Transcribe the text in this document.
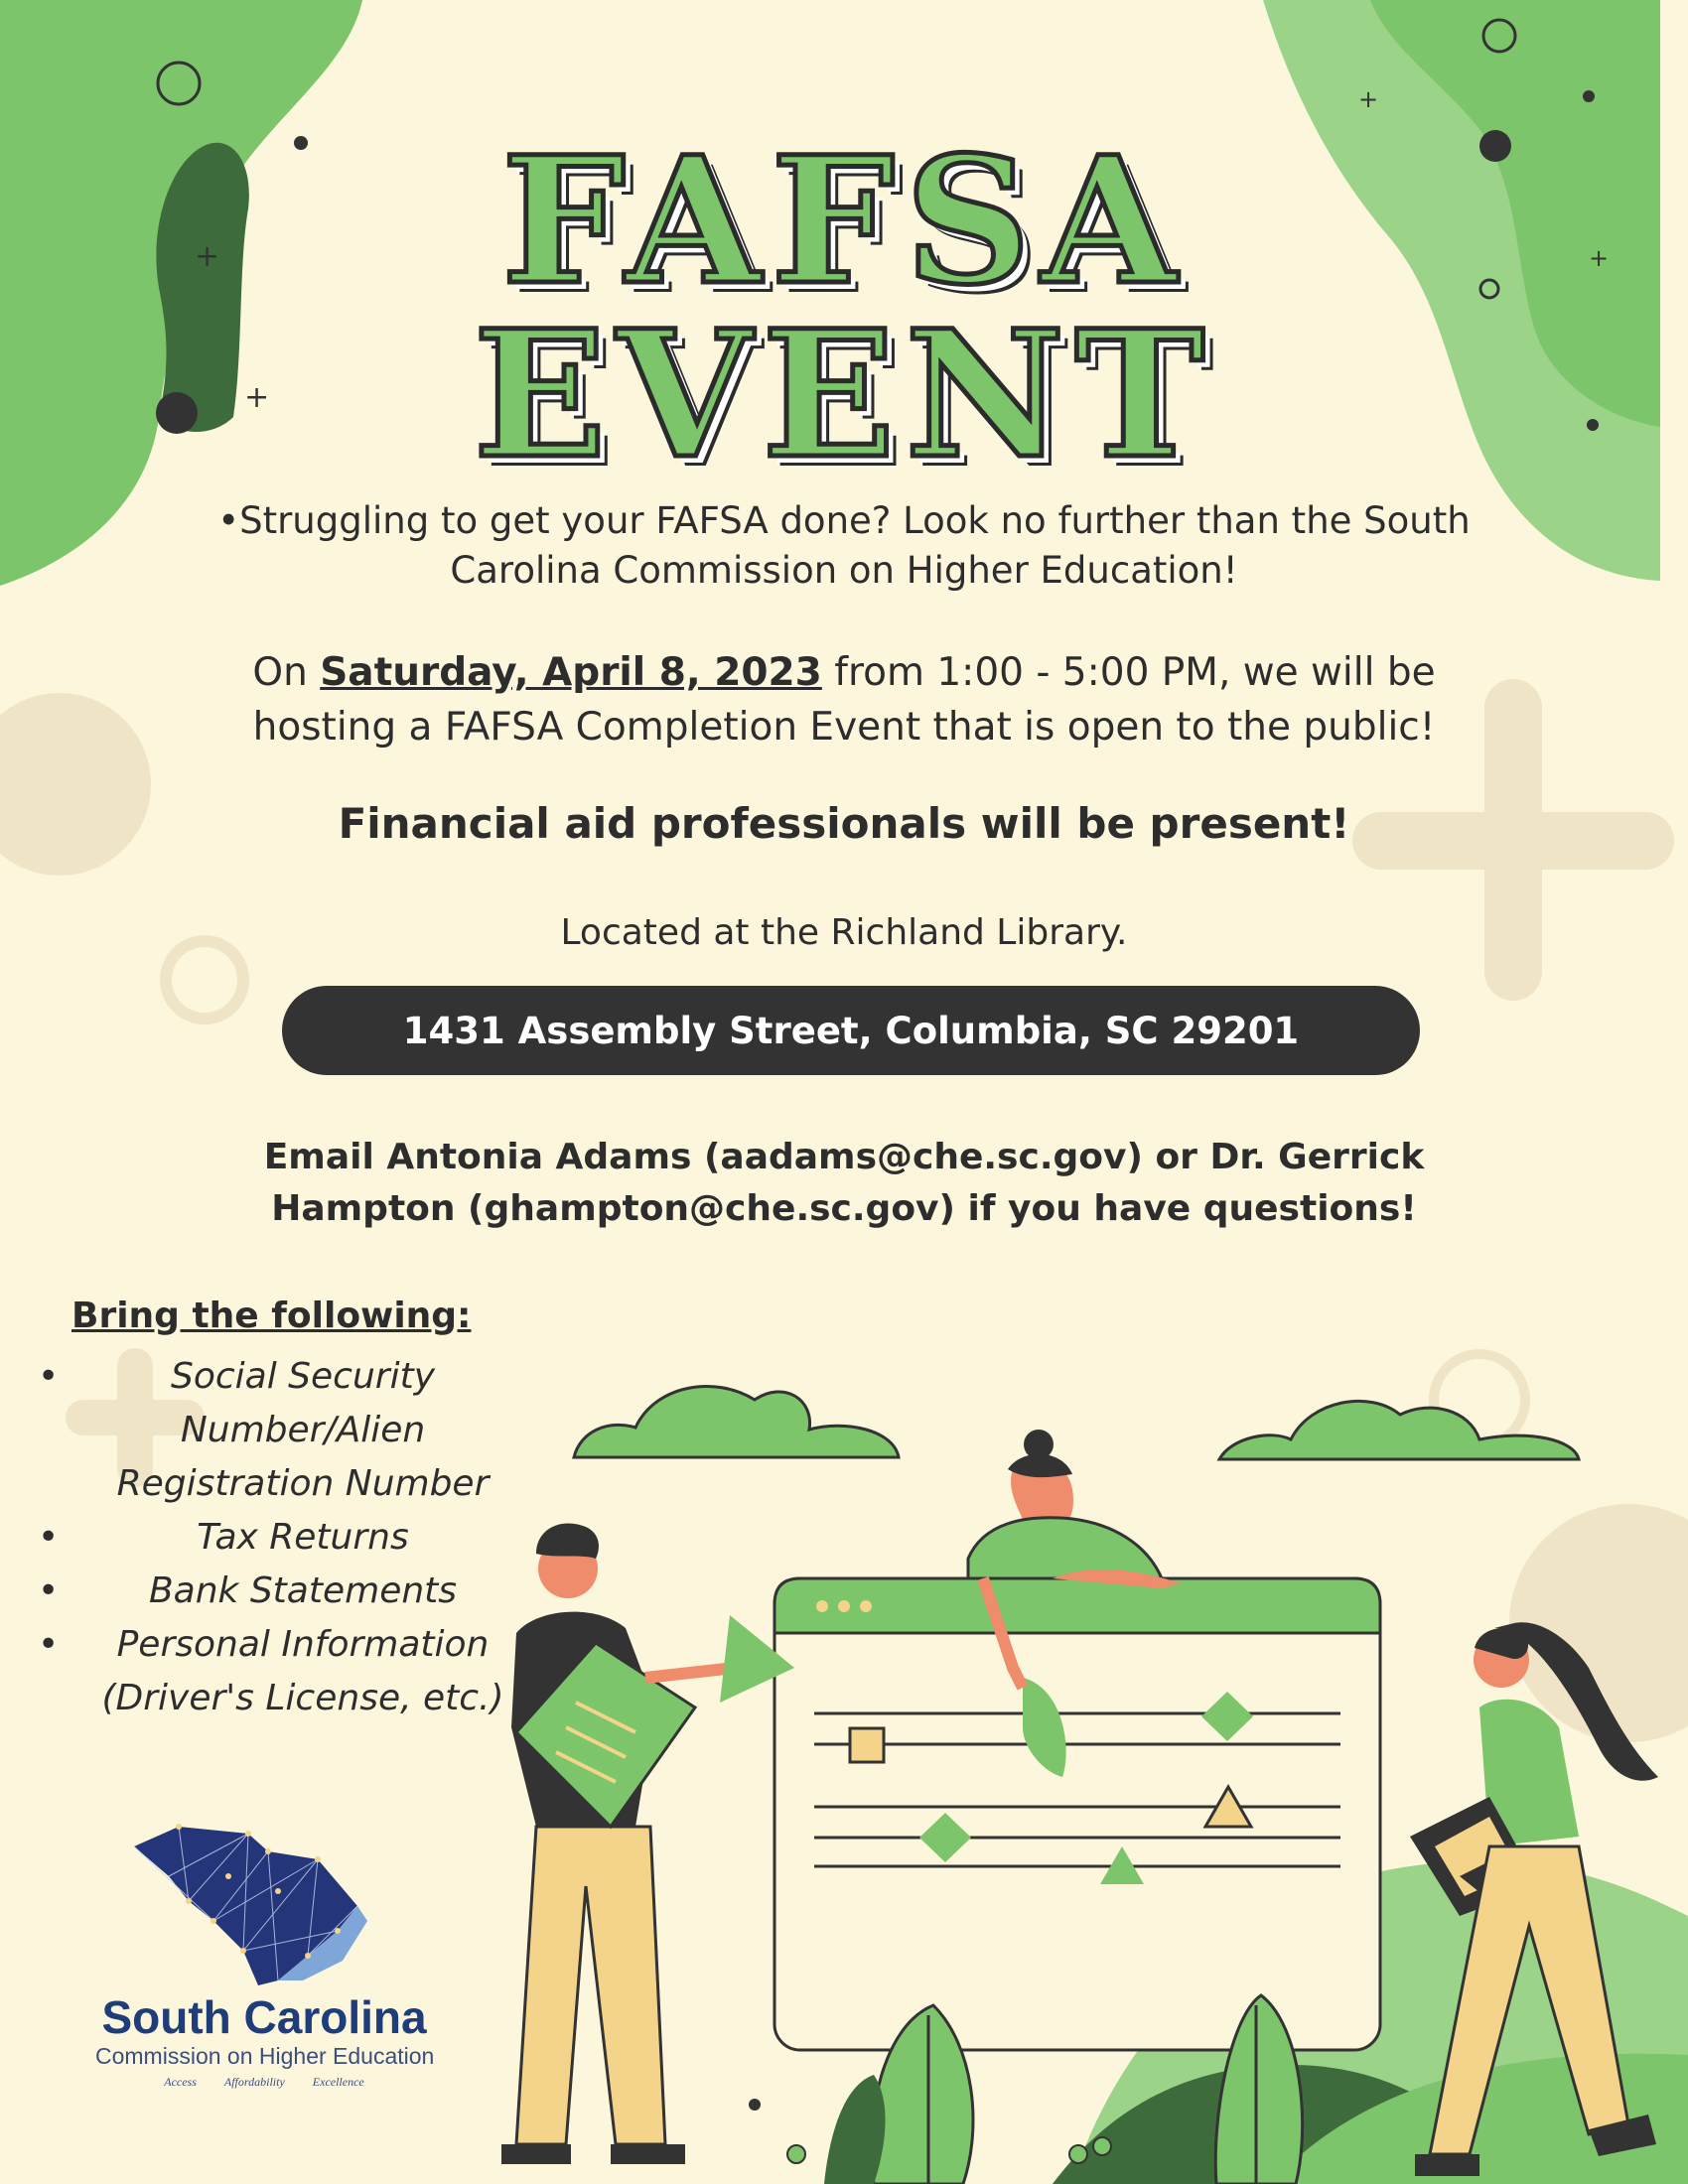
+
+
+
+
FAFSA
EVENT
•Struggling to get your FAFSA done? Look no further than the South
Carolina Commission on Higher Education!
On Saturday, April 8, 2023 from 1:00 - 5:00 PM, we will be
hosting a FAFSA Completion Event that is open to the public!
Financial aid professionals will be present!
Located at the Richland Library.
1431 Assembly Street, Columbia, SC 29201
Email Antonia Adams (aadams@che.sc.gov) or Dr. Gerrick
Hampton (ghampton@che.sc.gov) if you have questions!
Bring the following:
•	Social Security
Number/Alien
Registration Number
•	Tax Returns
•	Bank Statements
•	Personal Information
(Driver's License, etc.)
South Carolina
Commission on Higher Education
Access Affordability Excellence
